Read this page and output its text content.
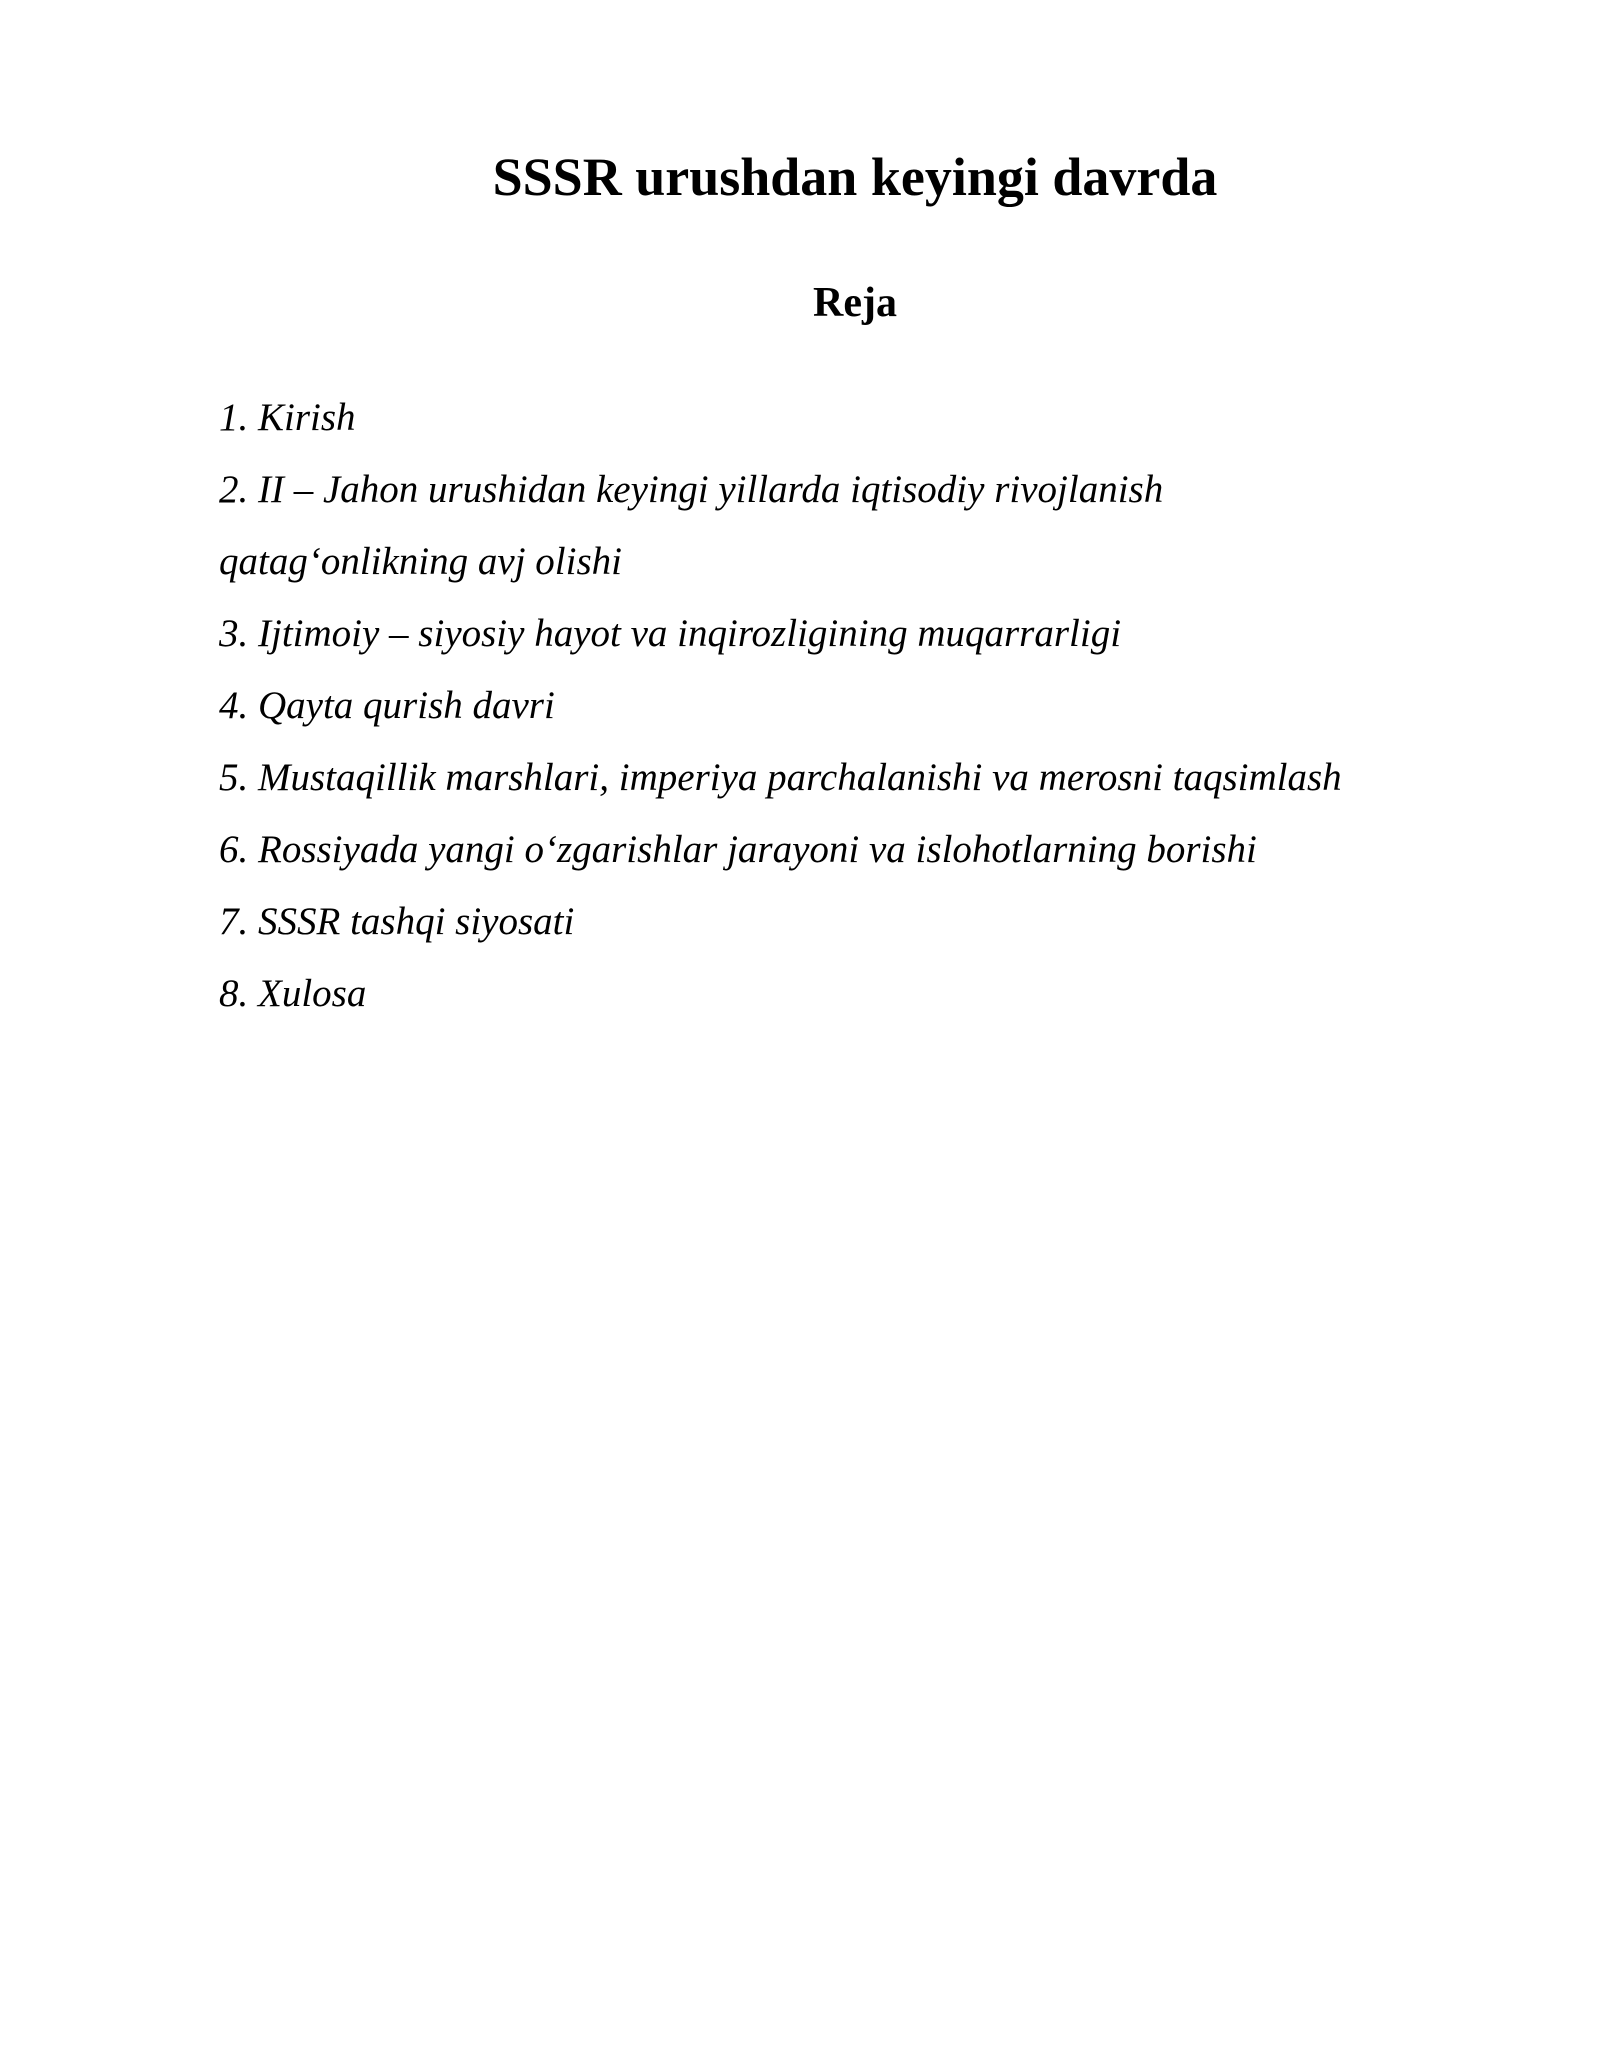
SSSR urushdan keyingi davrda
Reja
1. Kirish
2. II – Jahon urushidan keyingi yillarda iqtisodiy rivojlanish
qatag‘onlikning avj olishi
3. Ijtimoiy – siyosiy hayot va inqirozligining muqarrarligi
4. Qayta qurish davri
5. Mustaqillik marshlari, imperiya parchalanishi va merosni taqsimlash
6. Rossiyada yangi o‘zgarishlar jarayoni va islohotlarning borishi
7. SSSR tashqi siyosati
8. Xulosa
